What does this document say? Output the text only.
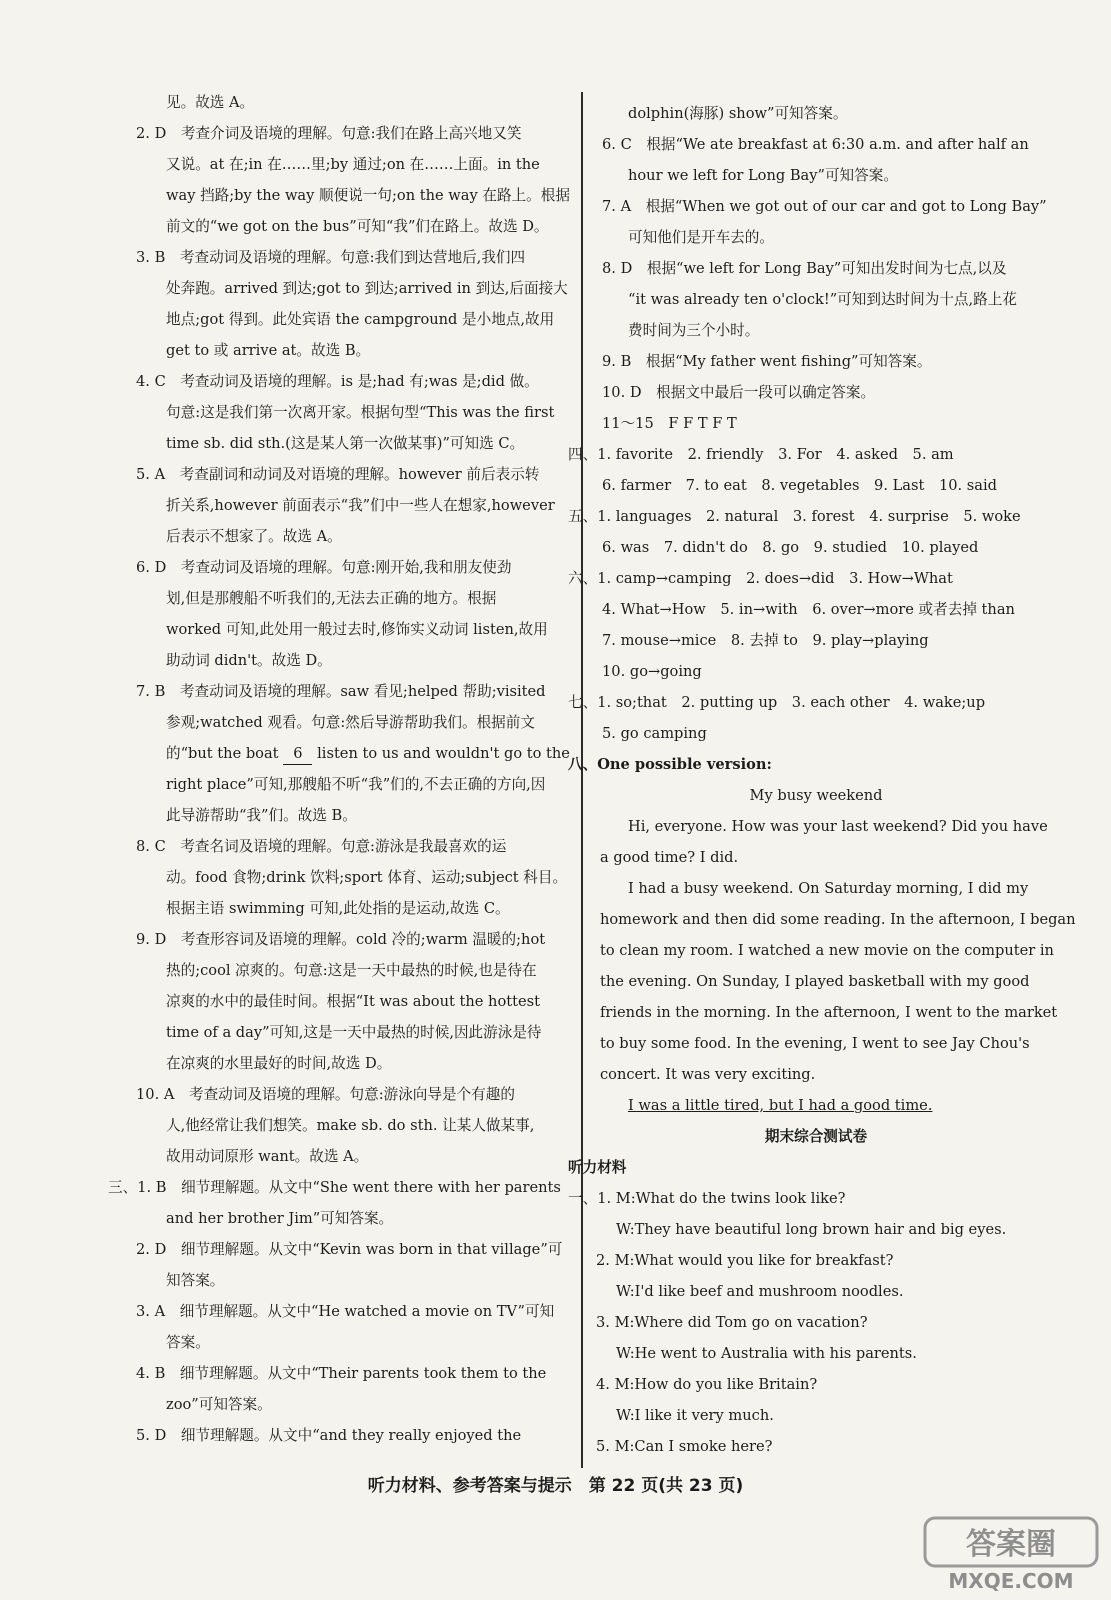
见。故选 A。
2. D　考查介词及语境的理解。句意:我们在路上高兴地又笑
又说。at 在;in 在……里;by 通过;on 在……上面。in the
way 挡路;by the way 顺便说一句;on the way 在路上。根据
前文的“we got on the bus”可知“我”们在路上。故选 D。
3. B　考查动词及语境的理解。句意:我们到达营地后,我们四
处奔跑。arrived 到达;got to 到达;arrived in 到达,后面接大
地点;got 得到。此处宾语 the campground 是小地点,故用
get to 或 arrive at。故选 B。
4. C　考查动词及语境的理解。is 是;had 有;was 是;did 做。
句意:这是我们第一次离开家。根据句型“This was the first
time sb. did sth.(这是某人第一次做某事)”可知选 C。
5. A　考查副词和动词及对语境的理解。however 前后表示转
折关系,however 前面表示“我”们中一些人在想家,however
后表示不想家了。故选 A。
6. D　考查动词及语境的理解。句意:刚开始,我和朋友使劲
划,但是那艘船不听我们的,无法去正确的地方。根据
worked 可知,此处用一般过去时,修饰实义动词 listen,故用
助动词 didn't。故选 D。
7. B　考查动词及语境的理解。saw 看见;helped 帮助;visited
参观;watched 观看。句意:然后导游帮助我们。根据前文
的“but the boat 6 listen to us and wouldn't go to the
right place”可知,那艘船不听“我”们的,不去正确的方向,因
此导游帮助“我”们。故选 B。
8. C　考查名词及语境的理解。句意:游泳是我最喜欢的运
动。food 食物;drink 饮料;sport 体育、运动;subject 科目。
根据主语 swimming 可知,此处指的是运动,故选 C。
9. D　考查形容词及语境的理解。cold 冷的;warm 温暖的;hot
热的;cool 凉爽的。句意:这是一天中最热的时候,也是待在
凉爽的水中的最佳时间。根据“It was about the hottest
time of a day”可知,这是一天中最热的时候,因此游泳是待
在凉爽的水里最好的时间,故选 D。
10. A　考查动词及语境的理解。句意:游泳向导是个有趣的
人,他经常让我们想笑。make sb. do sth. 让某人做某事,
故用动词原形 want。故选 A。
三、1. B　细节理解题。从文中“She went there with her parents
and her brother Jim”可知答案。
2. D　细节理解题。从文中“Kevin was born in that village”可
知答案。
3. A　细节理解题。从文中“He watched a movie on TV”可知
答案。
4. B　细节理解题。从文中“Their parents took them to the
zoo”可知答案。
5. D　细节理解题。从文中“and they really enjoyed the
dolphin(海豚) show”可知答案。
6. C　根据“We ate breakfast at 6:30 a.m. and after half an
hour we left for Long Bay”可知答案。
7. A　根据“When we got out of our car and got to Long Bay”
可知他们是开车去的。
8. D　根据“we left for Long Bay”可知出发时间为七点,以及
“it was already ten o'clock!”可知到达时间为十点,路上花
费时间为三个小时。
9. B　根据“My father went fishing”可知答案。
10. D　根据文中最后一段可以确定答案。
11～15　F F T F T
四、1. favorite　2. friendly　3. For　4. asked　5. am
6. farmer　7. to eat　8. vegetables　9. Last　10. said
五、1. languages　2. natural　3. forest　4. surprise　5. woke
6. was　7. didn't do　8. go　9. studied　10. played
六、1. camp→camping　2. does→did　3. How→What
4. What→How　5. in→with　6. over→more 或者去掉 than
7. mouse→mice　8. 去掉 to　9. play→playing
10. go→going
七、1. so;that　2. putting up　3. each other　4. wake;up
5. go camping
八、One possible version:
My busy weekend
Hi, everyone. How was your last weekend? Did you have
a good time? I did.
I had a busy weekend. On Saturday morning, I did my
homework and then did some reading. In the afternoon, I began
to clean my room. I watched a new movie on the computer in
the evening. On Sunday, I played basketball with my good
friends in the morning. In the afternoon, I went to the market
to buy some food. In the evening, I went to see Jay Chou's
concert. It was very exciting.
I was a little tired, but I had a good time.
期末综合测试卷
听力材料
一、1. M:What do the twins look like?
W:They have beautiful long brown hair and big eyes.
2. M:What would you like for breakfast?
W:I'd like beef and mushroom noodles.
3. M:Where did Tom go on vacation?
W:He went to Australia with his parents.
4. M:How do you like Britain?
W:I like it very much.
5. M:Can I smoke here?
听力材料、参考答案与提示　第 22 页(共 23 页)
答案圈
MXQE.COM
